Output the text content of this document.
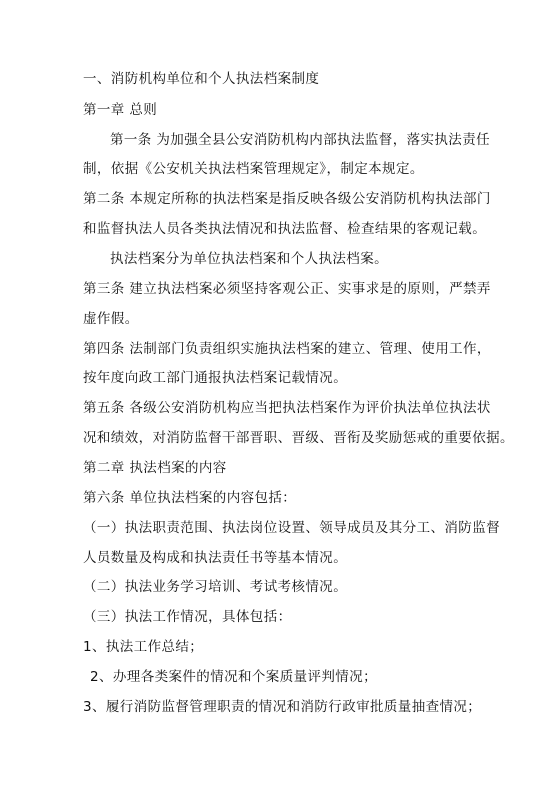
一、消防机构单位和个人执法档案制度
第一章 总则
第一条 为加强全县公安消防机构内部执法监督，落实执法责任
制，依据《公安机关执法档案管理规定》，制定本规定。
第二条 本规定所称的执法档案是指反映各级公安消防机构执法部门
和监督执法人员各类执法情况和执法监督、检查结果的客观记载。
执法档案分为单位执法档案和个人执法档案。
第三条 建立执法档案必须坚持客观公正、实事求是的原则，严禁弄
虚作假。
第四条 法制部门负责组织实施执法档案的建立、管理、使用工作，
按年度向政工部门通报执法档案记载情况。
第五条 各级公安消防机构应当把执法档案作为评价执法单位执法状
况和绩效，对消防监督干部晋职、晋级、晋衔及奖励惩戒的重要依据。
第二章 执法档案的内容
第六条 单位执法档案的内容包括：
（一）执法职责范围、执法岗位设置、领导成员及其分工、消防监督
人员数量及构成和执法责任书等基本情况。
（二）执法业务学习培训、考试考核情况。
（三）执法工作情况，具体包括：
1、执法工作总结；
2、办理各类案件的情况和个案质量评判情况；
3、履行消防监督管理职责的情况和消防行政审批质量抽查情况；
